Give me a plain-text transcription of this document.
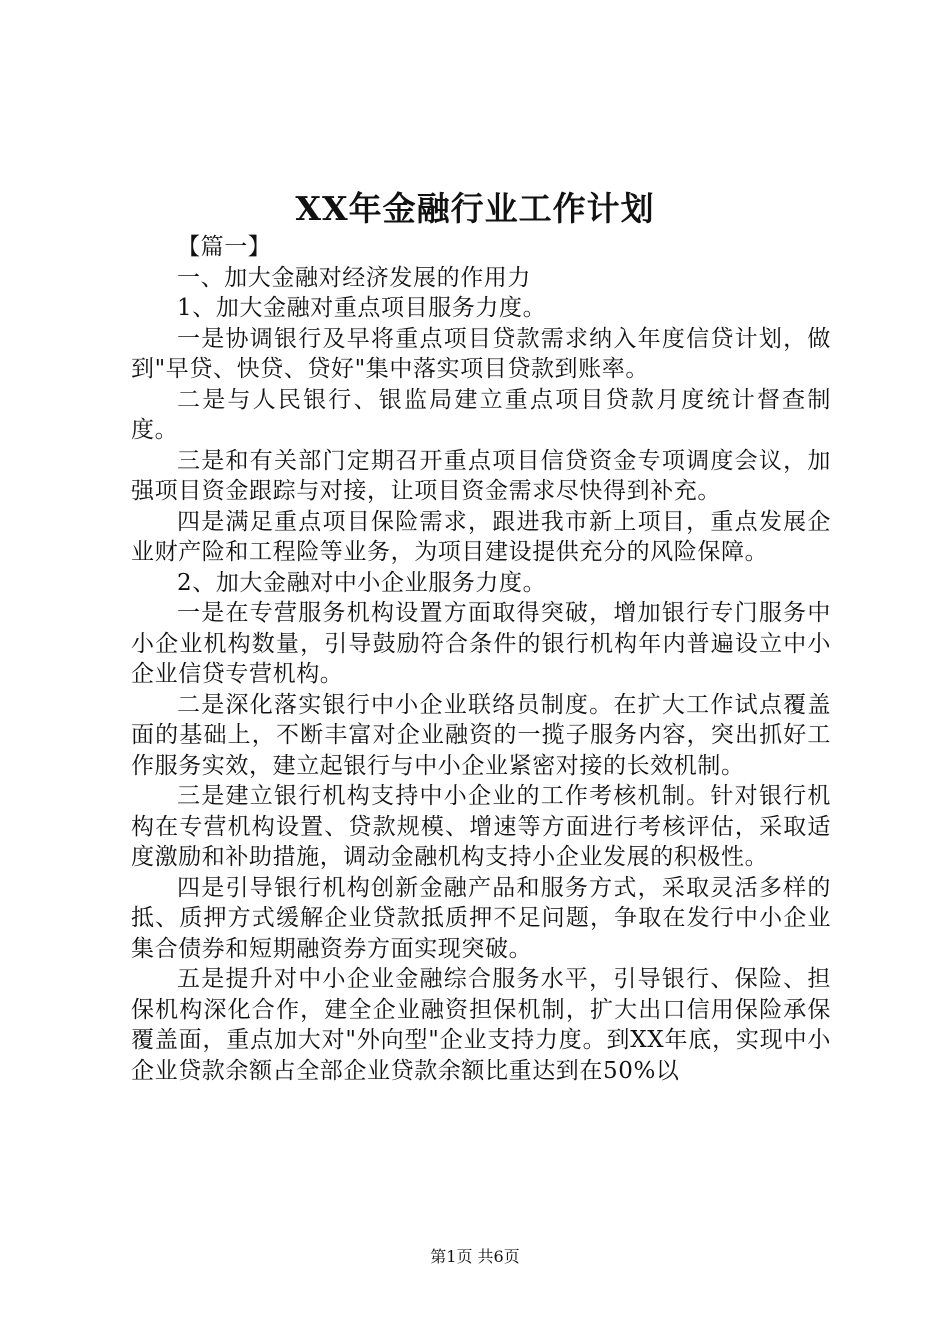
XX年金融行业工作计划

【篇一】

一、加大金融对经济发展的作用力

1、加大金融对重点项目服务力度。

一是协调银行及早将重点项目贷款需求纳入年度信贷计划，做到"早贷、快贷、贷好"集中落实项目贷款到账率。

二是与人民银行、银监局建立重点项目贷款月度统计督查制度。

三是和有关部门定期召开重点项目信贷资金专项调度会议，加强项目资金跟踪与对接，让项目资金需求尽快得到补充。

四是满足重点项目保险需求，跟进我市新上项目，重点发展企业财产险和工程险等业务，为项目建设提供充分的风险保障。

2、加大金融对中小企业服务力度。

一是在专营服务机构设置方面取得突破，增加银行专门服务中小企业机构数量，引导鼓励符合条件的银行机构年内普遍设立中小企业信贷专营机构。

二是深化落实银行中小企业联络员制度。在扩大工作试点覆盖面的基础上，不断丰富对企业融资的一揽子服务内容，突出抓好工作服务实效，建立起银行与中小企业紧密对接的长效机制。

三是建立银行机构支持中小企业的工作考核机制。针对银行机构在专营机构设置、贷款规模、增速等方面进行考核评估，采取适度激励和补助措施，调动金融机构支持小企业发展的积极性。

四是引导银行机构创新金融产品和服务方式，采取灵活多样的抵、质押方式缓解企业贷款抵质押不足问题，争取在发行中小企业集合债券和短期融资券方面实现突破。

五是提升对中小企业金融综合服务水平，引导银行、保险、担保机构深化合作，建全企业融资担保机制，扩大出口信用保险承保覆盖面，重点加大对"外向型"企业支持力度。到XX年底，实现中小企业贷款余额占全部企业贷款余额比重达到在50%以

第1页 共6页
